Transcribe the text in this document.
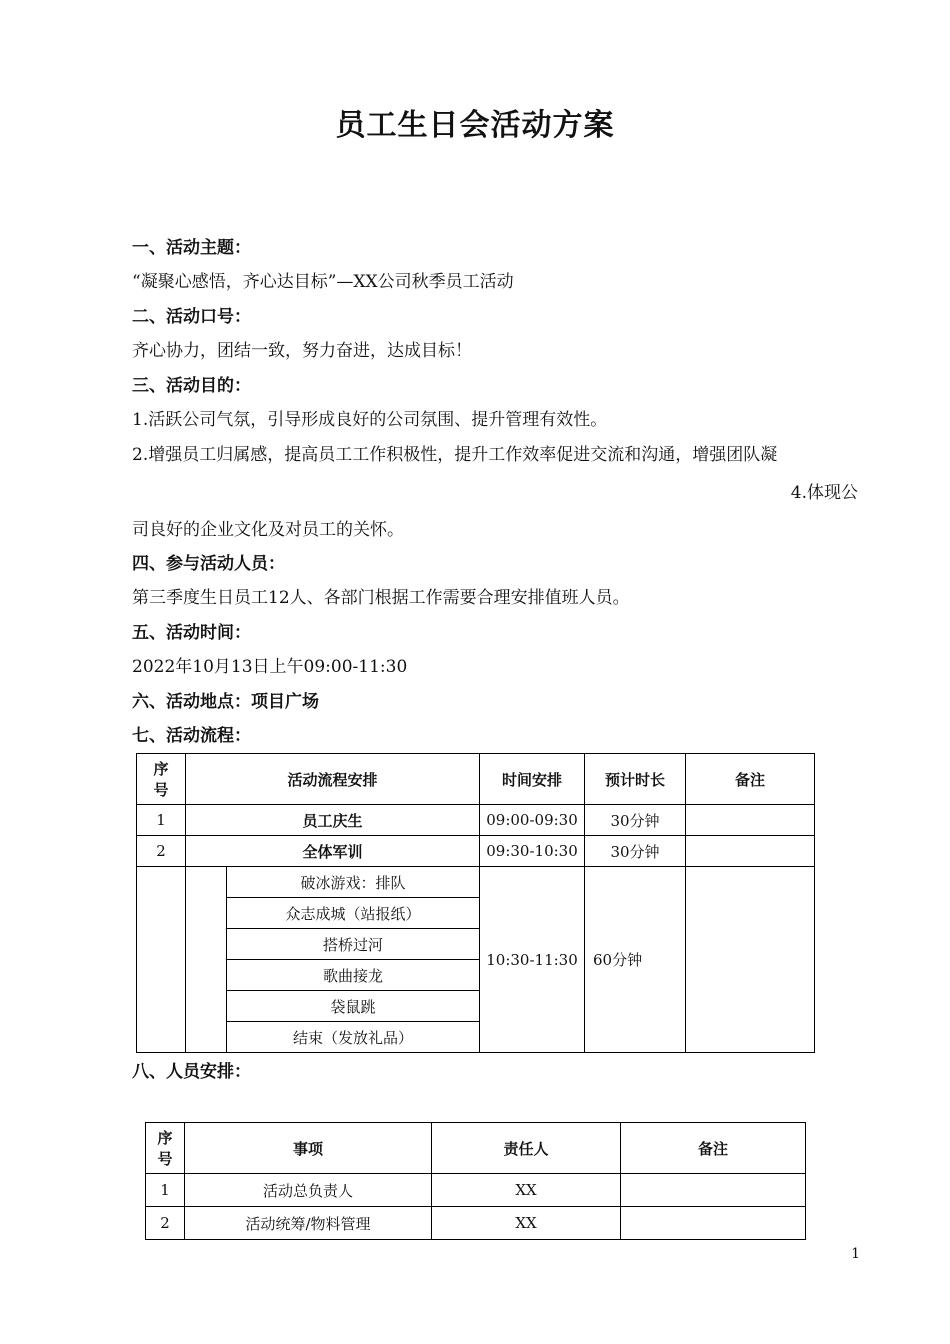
员工生日会活动方案
一、活动主题：
“凝聚心感悟，齐心达目标”—XX公司秋季员工活动
二、活动口号：
齐心协力，团结一致，努力奋进，达成目标！
三、活动目的：
1.活跃公司气氛，引导形成良好的公司氛围、提升管理有效性。
2.增强员工归属感，提高员工工作积极性，提升工作效率促进交流和沟通，增强团队凝
4.体现公
司良好的企业文化及对员工的关怀。
四、参与活动人员：
第三季度生日员工12人、各部门根据工作需要合理安排值班人员。
五、活动时间：
2022年10月13日上午09:00-11:30
六、活动地点：项目广场
七、活动流程：
序号	活动流程安排		时间安排	预计时长	备注
1	员工庆生		09:00-09:30	30分钟	
2	全体军训		09:30-10:30	30分钟	
		破冰游戏：排队	10:30-11:30	60分钟	
		众志成城（站报纸）			
		搭桥过河			
		歌曲接龙			
		袋鼠跳			
		结束（发放礼品）			
八、人员安排：
序号	事项	责任人	备注
1	活动总负责人	XX	
2	活动统筹/物料管理	XX	
1
